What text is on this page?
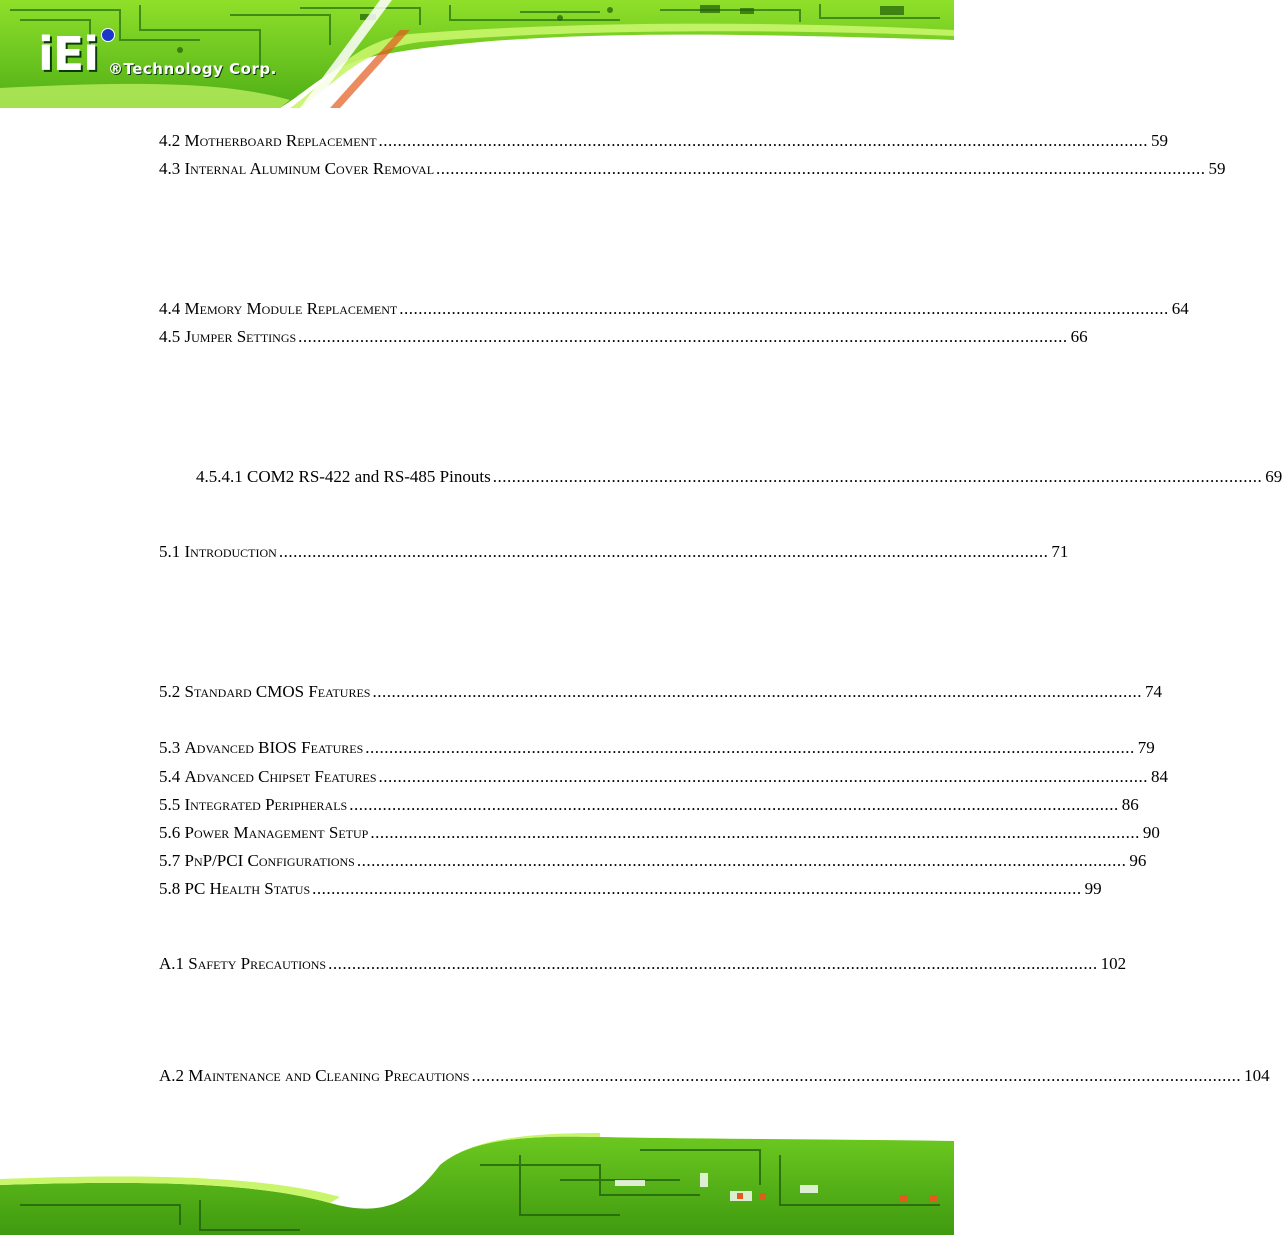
iEi ®Technology Corp.
4.2 Motherboard Replacement .................................................................................................................................................................. 59
4.3 Internal Aluminum Cover Removal .................................................................................................................................................................. 59
4.4 Memory Module Replacement .................................................................................................................................................................. 64
4.5 Jumper Settings .................................................................................................................................................................. 66
4.5.4.1 COM2 RS-422 and RS-485 Pinouts .................................................................................................................................................................. 69
5.1 Introduction .................................................................................................................................................................. 71
5.2 Standard CMOS Features .................................................................................................................................................................. 74
5.3 Advanced BIOS Features .................................................................................................................................................................. 79
5.4 Advanced Chipset Features .................................................................................................................................................................. 84
5.5 Integrated Peripherals .................................................................................................................................................................. 86
5.6 Power Management Setup .................................................................................................................................................................. 90
5.7 PnP/PCI Configurations .................................................................................................................................................................. 96
5.8 PC Health Status .................................................................................................................................................................. 99
A.1 Safety Precautions .................................................................................................................................................................. 102
A.2 Maintenance and Cleaning Precautions .................................................................................................................................................................. 104
